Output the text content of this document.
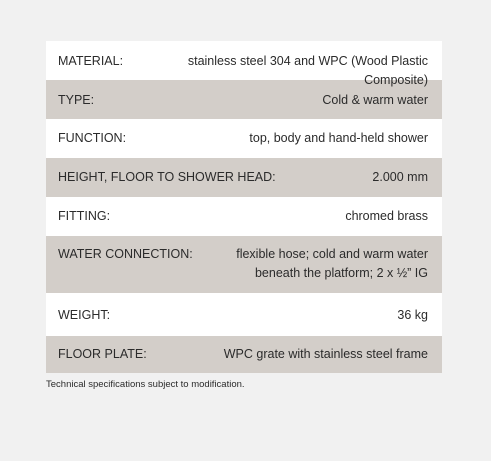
MATERIAL:	stainless steel 304 and WPC (Wood Plastic Composite)
TYPE:	Cold & warm water
FUNCTION:	top, body and hand-held shower
HEIGHT, FLOOR TO SHOWER HEAD:	2.000 mm
FITTING:	chromed brass
WATER CONNECTION:	flexible hose; cold and warm water
beneath the platform; 2 x ½” IG
WEIGHT:	36 kg
FLOOR PLATE:	WPC grate with stainless steel frame
Technical specifications subject to modification.
